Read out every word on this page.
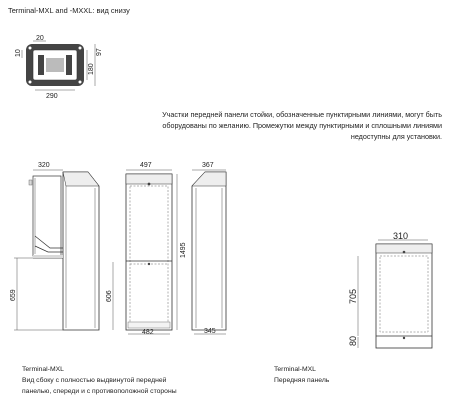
Terminal-MXL and -MXXL: вид снизу
Участки передней панели стойки, обозначенные пунктирными линиями, могут быть
оборудованы по желанию. Промежутки между пунктирными и сплошными линиями
недоступны для установки.
Terminal-MXL
Вид сбоку с полностью выдвинутой передней
панелью, спереди и с противоположной стороны
Terminal-MXL
Передняя панель
20
10
180
97
290
320
659
497
1495
606
482
367
345
310
705
80
